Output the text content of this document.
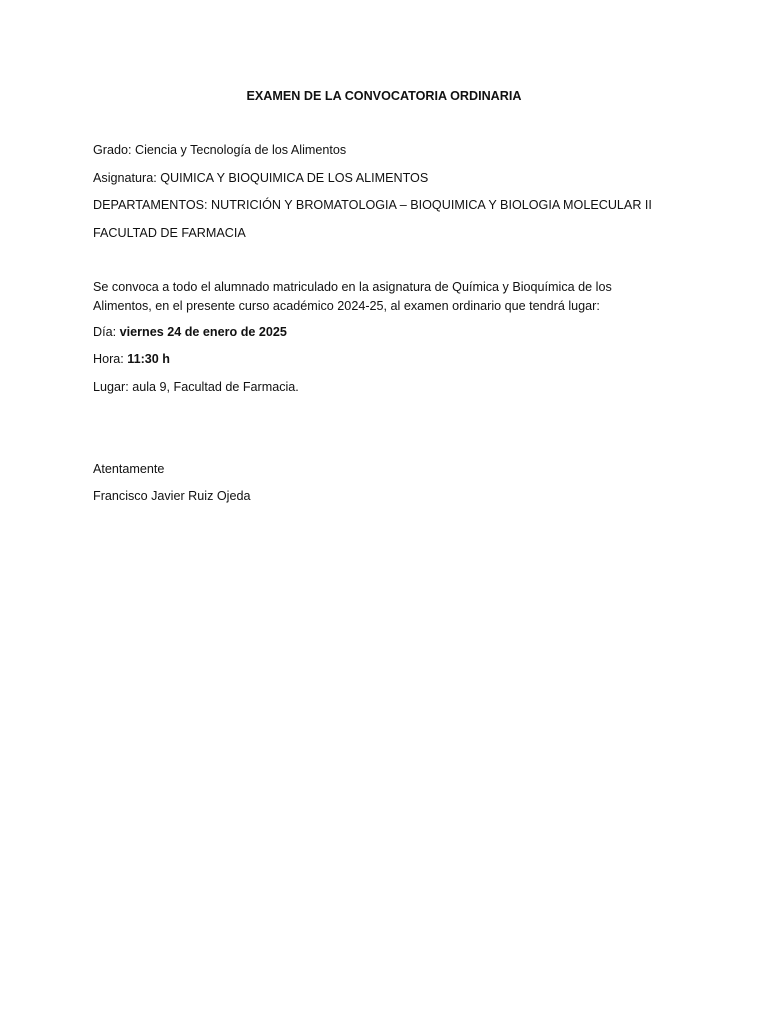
EXAMEN DE LA CONVOCATORIA ORDINARIA
Grado: Ciencia y Tecnología de los Alimentos
Asignatura: QUIMICA Y BIOQUIMICA DE LOS ALIMENTOS
DEPARTAMENTOS: NUTRICIÓN Y BROMATOLOGIA – BIOQUIMICA Y BIOLOGIA MOLECULAR II
FACULTAD DE FARMACIA
Se convoca a todo el alumnado matriculado en la asignatura de Química y Bioquímica de los Alimentos, en el presente curso académico 2024-25, al examen ordinario que tendrá lugar:
Día: viernes 24 de enero de 2025
Hora: 11:30 h
Lugar: aula 9, Facultad de Farmacia.
Atentamente
Francisco Javier Ruiz Ojeda
